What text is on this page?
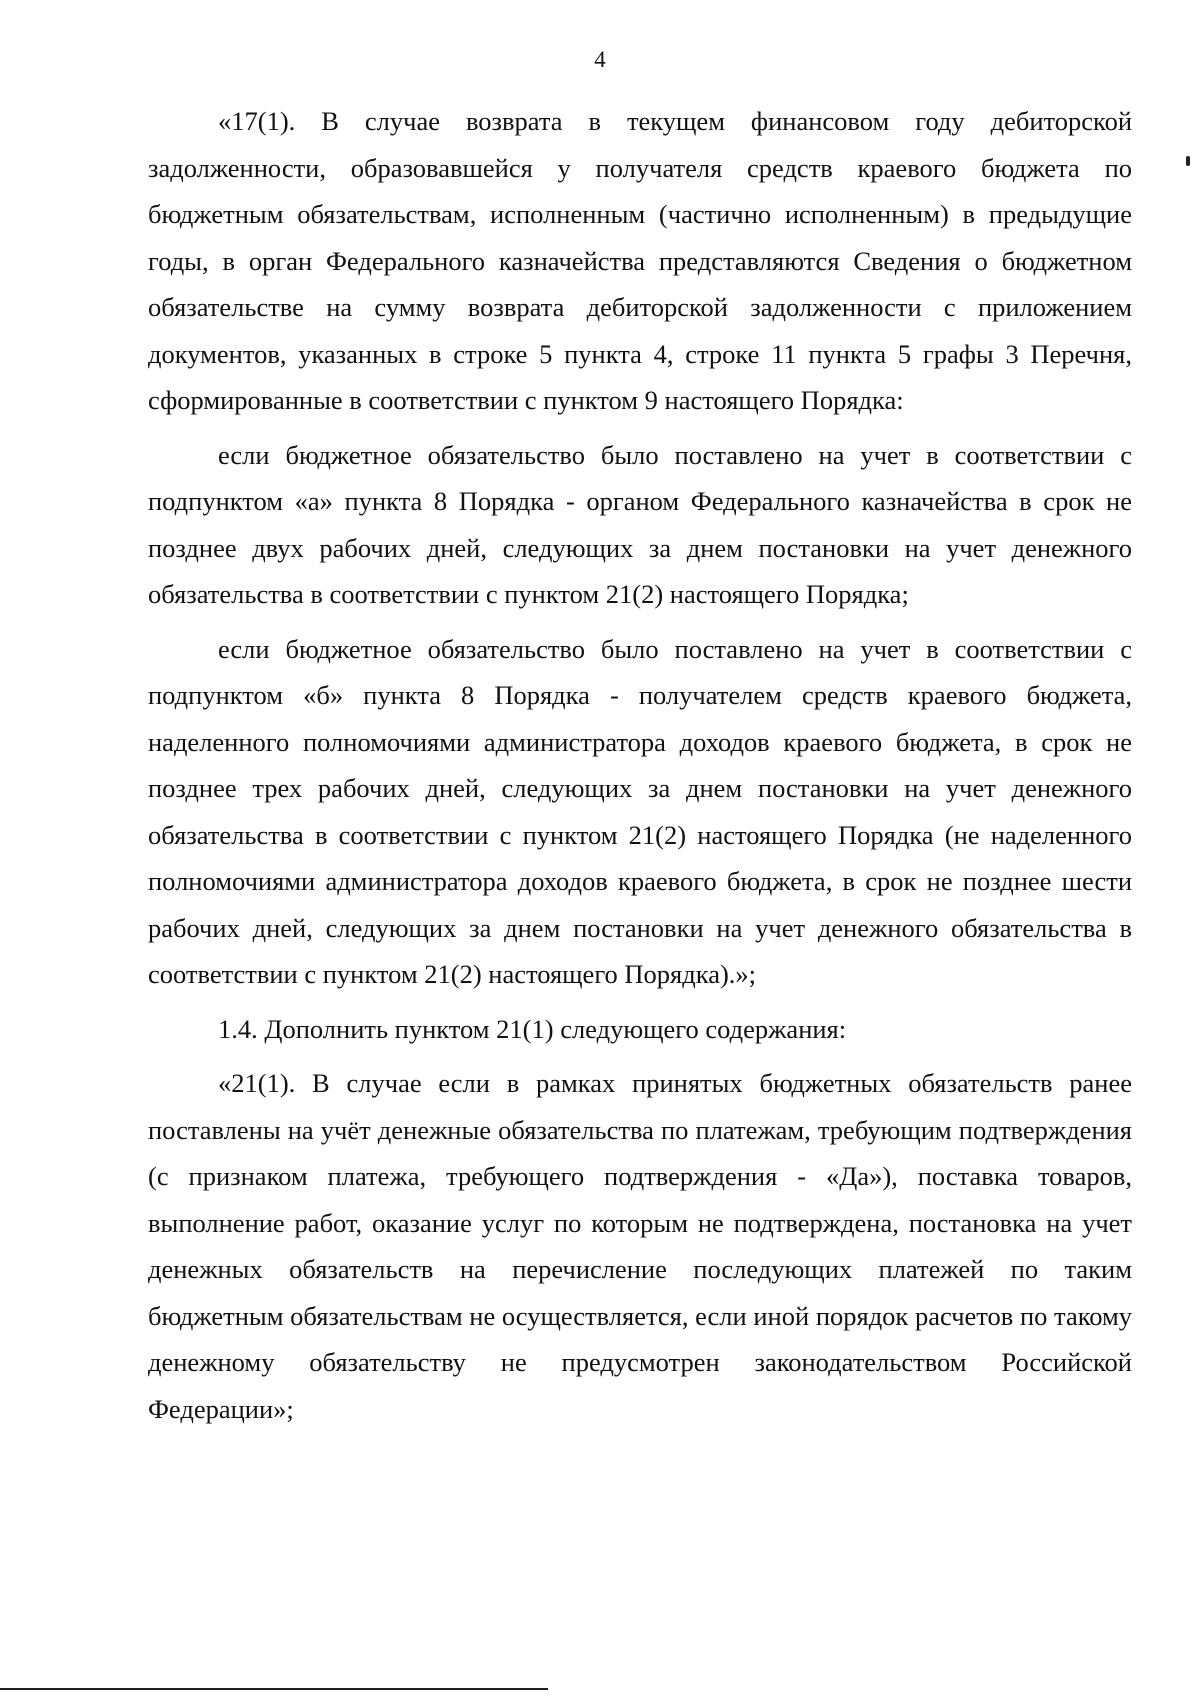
4

«17(1). В случае возврата в текущем финансовом году дебиторской задолженности, образовавшейся у получателя средств краевого бюджета по бюджетным обязательствам, исполненным (частично исполненным) в предыдущие годы, в орган Федерального казначейства представляются Сведения о бюджетном обязательстве на сумму возврата дебиторской задолженности с приложением документов, указанных в строке 5 пункта 4, строке 11 пункта 5 графы 3 Перечня, сформированные в соответствии с пунктом 9 настоящего Порядка:

если бюджетное обязательство было поставлено на учет в соответствии с подпунктом «а» пункта 8 Порядка - органом Федерального казначейства в срок не позднее двух рабочих дней, следующих за днем постановки на учет денежного обязательства в соответствии с пунктом 21(2) настоящего Порядка;

если бюджетное обязательство было поставлено на учет в соответствии с подпунктом «б» пункта 8 Порядка - получателем средств краевого бюджета, наделенного полномочиями администратора доходов краевого бюджета, в срок не позднее трех рабочих дней, следующих за днем постановки на учет денежного обязательства в соответствии с пунктом 21(2) настоящего Порядка (не наделенного полномочиями администратора доходов краевого бюджета, в срок не позднее шести рабочих дней, следующих за днем постановки на учет денежного обязательства в соответствии с пунктом 21(2) настоящего Порядка).»;

1.4. Дополнить пунктом 21(1) следующего содержания:

«21(1). В случае если в рамках принятых бюджетных обязательств ранее поставлены на учёт денежные обязательства по платежам, требующим подтверждения (с признаком платежа, требующего подтверждения - «Да»), поставка товаров, выполнение работ, оказание услуг по которым не подтверждена, постановка на учет денежных обязательств на перечисление последующих платежей по таким бюджетным обязательствам не осуществляется, если иной порядок расчетов по такому денежному обязательству не предусмотрен законодательством Российской Федерации»;
